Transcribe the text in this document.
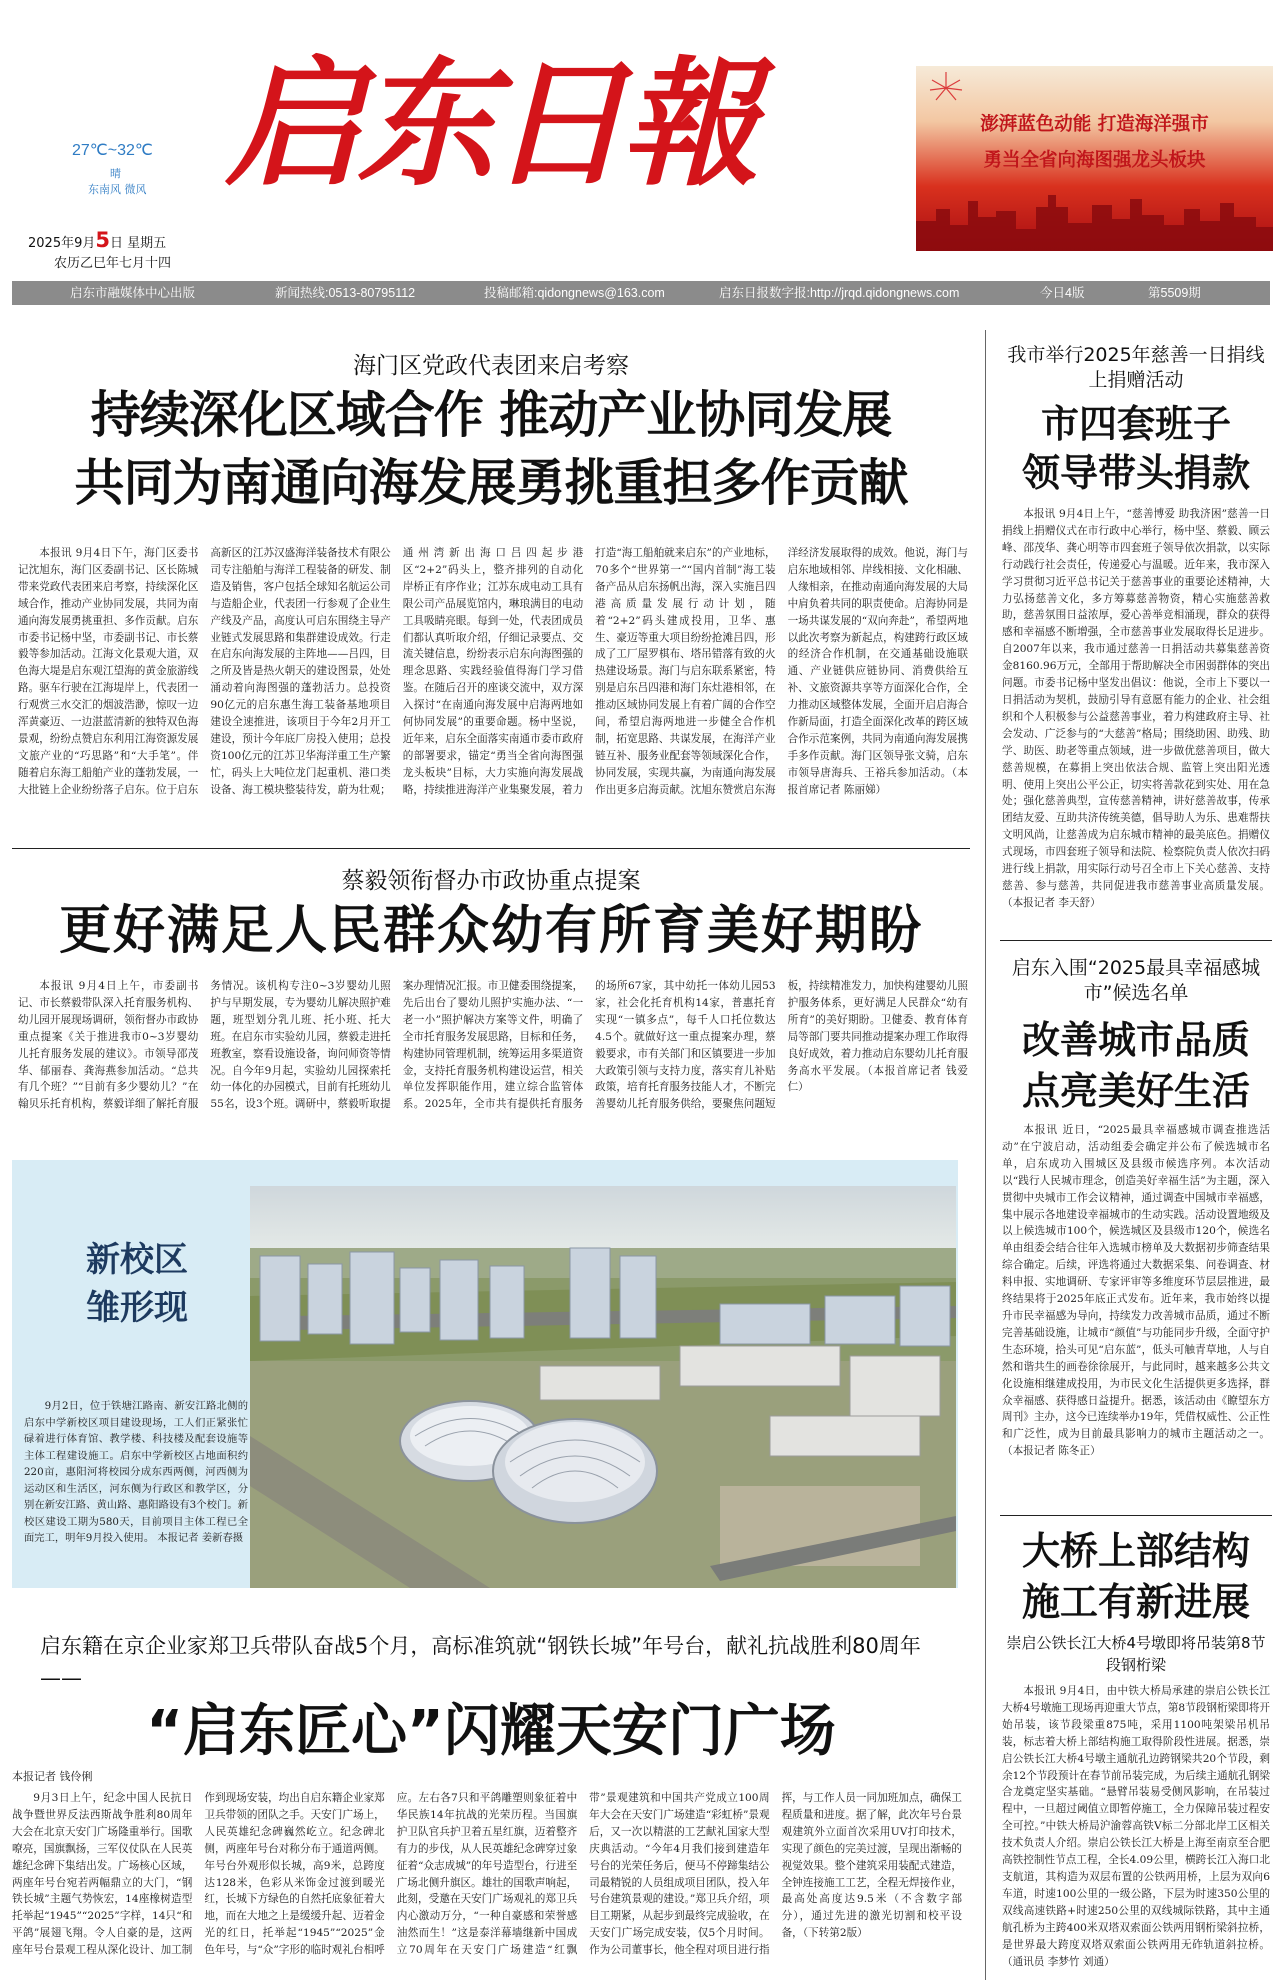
27℃~32℃
晴
东南风 微风 启东日報
2025年9月5日 星期五
农历乙巳年七月十四
澎湃蓝色动能 打造海洋强市
勇当全省向海图强龙头板块
启东市融媒体中心出版	新闻热线:0513-80795112	投稿邮箱:qidongnews@163.com	启东日报数字报:http://jrqd.qidongnews.com	今日4版	第5509期
海门区党政代表团来启考察
持续深化区域合作 推动产业协同发展
共同为南通向海发展勇挑重担多作贡献

本报讯 9月4日下午，海门区委书记沈旭东，海门区委副书记、区长陈城带来党政代表团来启考察，持续深化区域合作，推动产业协同发展，共同为南通向海发展勇挑重担、多作贡献。启东市委书记杨中坚，市委副书记、市长蔡毅等参加活动。江海文化景观大道，双色海大堤是启东观江望海的黄金旅游线路。驱车行驶在江海堤岸上，代表团一行观赏三水交汇的烟波浩渺，惊叹一边浑黄豪迈、一边湛蓝清新的独特双色海景观，纷纷点赞启东利用江海资源发展文旅产业的“巧思路”和“大手笔”。伴随着启东海工船舶产业的蓬勃发展，一大批链上企业纷纷落子启东。位于启东高新区的江苏汉盛海洋装备技术有限公司专注船舶与海洋工程装备的研发、制造及销售，客户包括全球知名航运公司与造船企业，代表团一行参观了企业生产线及产品，高度认可启东围绕主导产业链式发展思路和集群建设成效。行走在启东向海发展的主阵地——吕四，目之所及皆是热火朝天的建设图景，处处涌动着向海图强的蓬勃活力。总投资90亿元的启东惠生海工装备基地项目建设全速推进，该项目于今年2月开工建设，预计今年底厂房投入使用；总投资100亿元的江苏卫华海洋重工生产繁忙，码头上大吨位龙门起重机、港口类设备、海工模块整装待发，蔚为壮观；通州湾新出海口吕四起步港区“2+2”码头上，整齐排列的自动化岸桥正有序作业；江苏东成电动工具有限公司产品展览馆内，琳琅满目的电动工具吸睛亮眼。每到一处，代表团成员们都认真听取介绍，仔细记录要点、交流关键信息，纷纷表示启东向海图强的理念思路、实践经验值得海门学习借鉴。在随后召开的座谈交流中，双方深入探讨“在南通向海发展中启海两地如何协同发展”的重要命题。杨中坚说，近年来，启东全面落实南通市委市政府的部署要求，锚定“勇当全省向海图强龙头板块”目标，大力实施向海发展战略，持续推进海洋产业集聚发展，着力打造“海工船舶就来启东”的产业地标，70多个“世界第一”“国内首制”海工装备产品从启东扬帆出海，深入实施吕四港高质量发展行动计划，随着“2+2”码头建成投用，卫华、惠生、豪迈等重大项目纷纷抢滩吕四，形成了工厂屋罗棋布、塔吊错落有致的火热建设场景。海门与启东联系紧密，特别是启东吕四港和海门东灶港相邻，在推动区域协同发展上有着广阔的合作空间，希望启海两地进一步健全合作机制，拓宽思路、共谋发展，在海洋产业链互补、服务业配套等领域深化合作，协同发展，实现共赢，为南通向海发展作出更多启海贡献。沈旭东赞赏启东海洋经济发展取得的成效。他说，海门与启东地域相邻、岸线相接、文化相融、人缘相亲，在推动南通向海发展的大局中肩负着共同的职责使命。启海协同是一场共谋发展的“双向奔赴”，希望两地以此次考察为新起点，构建跨行政区域的经济合作机制，在交通基础设施联通、产业链供应链协同、消费供给互补、文旅资源共享等方面深化合作，全力推动区域整体发展，全面开启启海合作新局面，打造全面深化改革的跨区域合作示范案例，共同为南通向海发展携手多作贡献。海门区领导张文骑，启东市领导唐海兵、王裕兵参加活动。（本报首席记者 陈丽娣）

蔡毅领衔督办市政协重点提案
更好满足人民群众幼有所育美好期盼

本报讯 9月4日上午，市委副书记、市长蔡毅带队深入托育服务机构、幼儿园开展现场调研，领衔督办市政协重点提案《关于推进我市0~3岁婴幼儿托育服务发展的建议》。市领导邵茂华、郁丽春、龚海燕参加活动。“总共有几个班？”“目前有多少婴幼儿？”在翰贝乐托育机构，蔡毅详细了解托育服务情况。该机构专注0~3岁婴幼儿照护与早期发展，专为婴幼儿解决照护难题，班型划分乳儿班、托小班、托大班。在启东市实验幼儿园，蔡毅走进托班教室，察看设施设备，询问师资等情况。自今年9月起，实验幼儿园探索托幼一体化的办园模式，目前有托班幼儿55名，设3个班。调研中，蔡毅听取提案办理情况汇报。市卫健委围绕提案，先后出台了婴幼儿照护实施办法、“一老一小”照护解决方案等文件，明确了全市托育服务发展思路，目标和任务，构建协同管理机制，统筹运用多渠道资金，支持托育服务机构建设运营，相关单位发挥职能作用，建立综合监管体系。2025年，全市共有提供托育服务的场所67家，其中幼托一体幼儿园53家，社会化托育机构14家，普惠托育实现“一镇多点”，每千人口托位数达4.5个。就做好这一重点提案办理，蔡毅要求，市有关部门和区镇要进一步加大政策引领与支持力度，落实育儿补贴政策，培育托育服务技能人才，不断完善婴幼儿托育服务供给，要聚焦问题短板，持续精准发力，加快构建婴幼儿照护服务体系，更好满足人民群众“幼有所育”的美好期盼。卫健委、教育体育局等部门要共同推动提案办理工作取得良好成效，着力推动启东婴幼儿托育服务高水平发展。（本报首席记者 钱爱仁）

新校区
雏形现

9月2日，位于铁塘江路南、新安江路北侧的启东中学新校区项目建设现场，工人们正紧张忙碌着进行体育馆、教学楼、科技楼及配套设施等主体工程建设施工。启东中学新校区占地面积约220亩，惠阳河将校园分成东西两侧，河西侧为运动区和生活区，河东侧为行政区和教学区，分别在新安江路、黄山路、惠阳路设有3个校门。新校区建设工期为580天，目前项目主体工程已全面完工，明年9月投入使用。 本报记者 姜新春摄

启东籍在京企业家郑卫兵带队奋战5个月，高标准筑就“钢铁长城”年号台，献礼抗战胜利80周年——
“启东匠心”闪耀天安门广场
本报记者 钱伶俐

9月3日上午，纪念中国人民抗日战争暨世界反法西斯战争胜利80周年大会在北京天安门广场隆重举行。国歌嘹亮，国旗飘扬，三军仪仗队在人民英雄纪念碑下集结出发。广场核心区域，两座年号台宛若两幅鼎立的大门，“钢铁长城”主题气势恢宏，14座橡树造型托举起“1945”“2025”字样，14只“和平鸽”展翅飞翔。令人自豪的是，这两座年号台景观工程从深化设计、加工制作到现场安装，均出自启东籍企业家郑卫兵带领的团队之手。天安门广场上，人民英雄纪念碑巍然屹立。纪念碑北侧，两座年号台对称分布于通道两侧。年号台外观形似长城，高9米，总跨度达128米，色彩从米饰金过渡到暖光红，长城下方绿色的自然托底象征着大地，而在大地之上是缓缓升起、迈着金光的红日，托举起“1945”“2025”金色年号，与“众”字形的临时观礼台相呼应。左右各7只和平鸽雕塑则象征着中华民族14年抗战的光荣历程。当国旗护卫队官兵护卫着五星红旗，迈着整齐有力的步伐，从人民英雄纪念碑穿过象征着“众志成城”的年号造型台，行进至广场北侧升旗区。雄壮的国歌声响起，此刻，受邀在天安门广场观礼的郑卫兵内心激动万分，“一种自豪感和荣誉感油然而生！”这是泰洋幕墙继新中国成立70周年在天安门广场建造“红飘带”景观建筑和中国共产党成立100周年大会在天安门广场建造“彩虹桥”景观后，又一次以精湛的工艺献礼国家大型庆典活动。“今年4月我们接到建造年号台的光荣任务后，便马不停蹄集结公司最精锐的人员组成项目团队，投入年号台建筑景观的建设。”郑卫兵介绍，项目工期紧，从起步到最终完成验收，在天安门广场完成安装，仅5个月时间。作为公司董事长，他全程对项目进行指挥，与工作人员一同加班加点，确保工程质量和进度。据了解，此次年号台景观建筑外立面首次采用UV打印技术，实现了颜色的完美过渡，呈现出渐畅的视觉效果。整个建筑采用装配式建造，全钟连接施工工艺，全程无焊接作业，最高处高度达9.5米（不含数字部分），通过先进的激光切割和校平设备，（下转第2版）

我市举行2025年慈善一日捐线上捐赠活动
市四套班子
领导带头捐款

本报讯 9月4日上午，“慈善博爱 助我济困”慈善一日捐线上捐赠仪式在市行政中心举行，杨中坚、蔡毅、顾云峰、邵茂华、龚心明等市四套班子领导依次捐款，以实际行动践行社会责任，传递爱心与温暖。近年来，我市深入学习贯彻习近平总书记关于慈善事业的重要论述精神，大力弘扬慈善文化，多方筹募慈善物资，精心实施慈善救助，慈善氛围日益浓厚，爱心善举竞相涌现，群众的获得感和幸福感不断增强，全市慈善事业发展取得长足进步。自2007年以来，我市通过慈善一日捐活动共募集慈善资金8160.96万元，全部用于帮助解决全市困弱群体的突出问题。市委书记杨中坚发出倡议：他说，全市上下要以一日捐活动为契机，鼓励引导有意愿有能力的企业、社会组织和个人积极参与公益慈善事业，着力构建政府主导、社会发动、广泛参与的“大慈善”格局；围绕助困、助残、助学、助医、助老等重点领域，进一步做优慈善项目，做大慈善规模，在募捐上突出依法合规、监管上突出阳光透明、使用上突出公平公正，切实将善款花到实处、用在急处；强化慈善典型，宣传慈善精神，讲好慈善故事，传承团结友爱、互助共济传统美德，倡导助人为乐、患难帮扶文明风尚，让慈善成为启东城市精神的最美底色。捐赠仪式现场，市四套班子领导和法院、检察院负责人依次扫码进行线上捐款，用实际行动号召全市上下关心慈善、支持慈善、参与慈善，共同促进我市慈善事业高质量发展。（本报记者 李天舒）

启东入围“2025最具幸福感城市”候选名单
改善城市品质
点亮美好生活

本报讯 近日，“2025最具幸福感城市调查推选活动”在宁波启动，活动组委会确定并公布了候选城市名单，启东成功入围城区及县级市候选序列。本次活动以“践行人民城市理念，创造美好幸福生活”为主题，深入贯彻中央城市工作会议精神，通过调查中国城市幸福感，集中展示各地建设幸福城市的生动实践。活动设置地级及以上候选城市100个，候选城区及县级市120个，候选名单由组委会结合往年入选城市榜单及大数据初步筛查结果综合确定。后续，评选将通过大数据采集、问卷调查、材料申报、实地调研、专家评审等多维度环节层层推进，最终结果将于2025年底正式发布。近年来，我市始终以提升市民幸福感为导向，持续发力改善城市品质，通过不断完善基础设施，让城市“颜值”与功能同步升级，全面守护生态环境，拾头可见“启东蓝”，低头可触青草地，人与自然和谐共生的画卷徐徐展开，与此同时，越来越多公共文化设施相继建成投用，为市民文化生活提供更多选择，群众幸福感、获得感日益提升。据悉，该活动由《瞭望东方周刊》主办，这今已连续举办19年，凭借权威性、公正性和广泛性，成为目前最具影响力的城市主题活动之一。（本报记者 陈冬正）

大桥上部结构
施工有新进展
崇启公铁长江大桥4号墩即将吊装第8节段钢桁梁

本报讯 9月4日，由中铁大桥局承建的崇启公铁长江大桥4号墩施工现场再迎重大节点，第8节段钢桁梁即将开始吊装，该节段梁重875吨，采用1100吨架梁吊机吊装，标志着大桥上部结构施工取得阶段性进展。据悉，崇启公铁长江大桥4号墩主通航孔边跨钢梁共20个节段，剩余12个节段预计在春节前吊装完成，为后续主通航孔钢梁合龙奠定坚实基础。“悬臂吊装易受侧风影响，在吊装过程中，一旦超过阈值立即暂停施工，全力保障吊装过程安全可控。”中铁大桥局沪渝蓉高铁V标二分部北岸工区相关技术负责人介绍。崇启公铁长江大桥是上海至南京至合肥高铁控制性节点工程，全长4.09公里，横跨长江入海口北支航道，其构造为双层布置的公铁两用桥，上层为双向6车道，时速100公里的一级公路，下层为时速350公里的双线高速铁路+时速250公里的双线城际铁路，其中主通航孔桥为主跨400米双塔双索面公铁两用钢桁梁斜拉桥，是世界最大跨度双塔双索面公铁两用无砟轨道斜拉桥。（通讯员 李梦竹 刘通）
